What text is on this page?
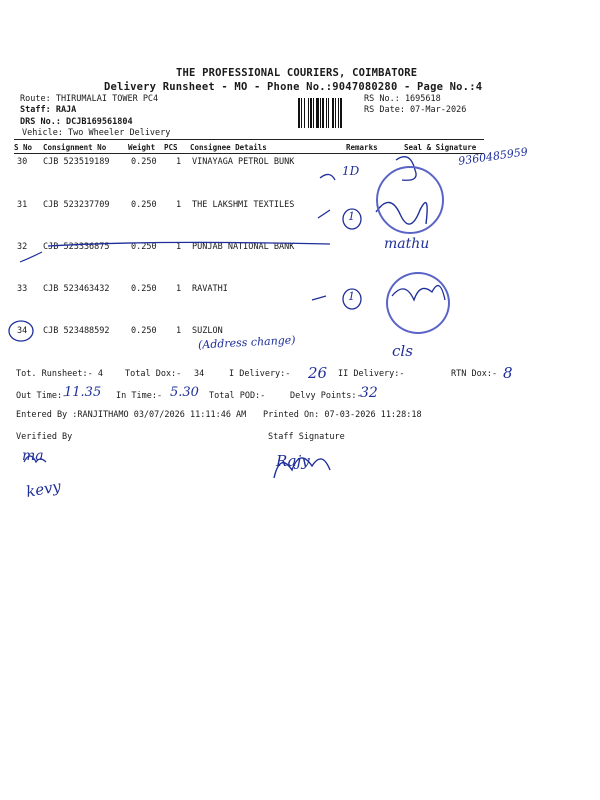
THE PROFESSIONAL COURIERS, COIMBATORE
Delivery Runsheet - MO - Phone No.:9047080280 - Page No.:4
Route: THIRUMALAI TOWER PC4
Staff: RAJA
DRS No.: DCJB169561804
Vehicle: Two Wheeler Delivery
RS No.: 1695618
RS Date: 07-Mar-2026
S No Consignment No	Weight PCS Consignee Details	Remarks	Seal & Signature
30 CJB 523519189	0.250 1 VINAYAGA PETROL BUNK
31 CJB 523237709	0.250 1 THE LAKSHMI TEXTILES
32 CJB 523336875	0.250 1 PUNJAB NATIONAL BANK
33 CJB 523463432	0.250 1 RAVATHI
34 CJB 523488592	0.250 1 SUZLON
9360485959
(Address change)
1D
1
1
mathu
cls
Tot. Runsheet:- 4	Total Dox:- 34	I Delivery:- 26 II Delivery:-	RTN Dox:- 8
Out Time:-
11.35 In Time:- 5.30 Total POD:-	Delvy Points:-
32
Entered By :RANJITHAMO 03/07/2026 11:11:46 AM Printed On: 07-03-2026 11:28:18
Verified By	Staff Signature
ma
kevy
Rajy
